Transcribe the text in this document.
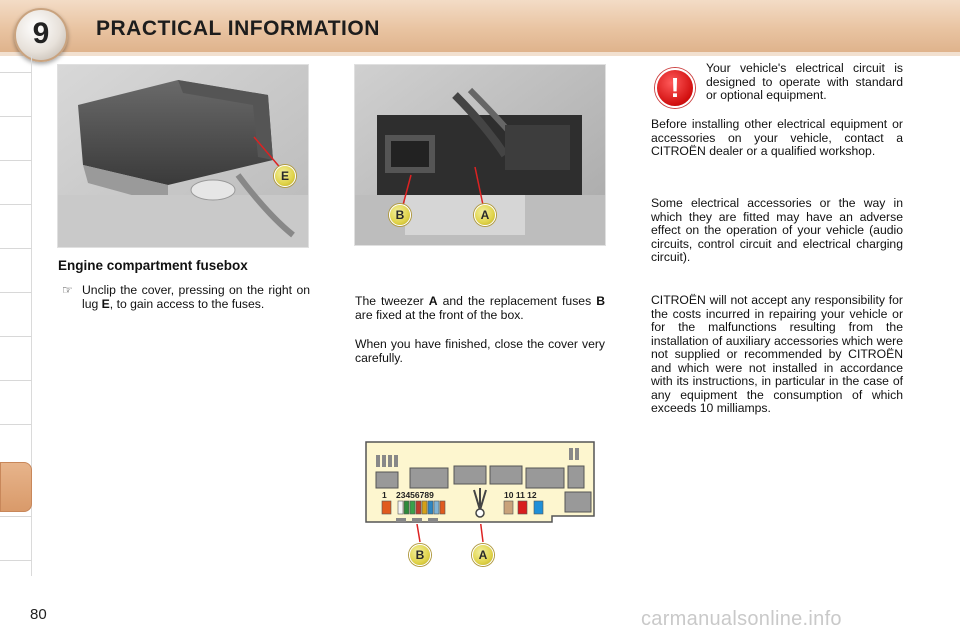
9	PRACTICAL INFORMATION
E
B	A
Engine compartment fusebox
☞ Unclip the cover, pressing on the right on lug E, to gain access to the fuses.	The tweezer A and the replacement fuses B are fixed at the front of the box.
When you have finished, close the cover very carefully.
!
Your vehicle's electrical circuit is designed to operate with standard or optional equipment.
Before installing other electrical equipment or accessories on your vehicle, contact a CITROËN dealer or a qualified workshop.
Some electrical accessories or the way in which they are fitted may have an adverse effect on the operation of your vehicle (audio circuits, control circuit and electrical charging circuit).
CITROËN will not accept any responsibility for the costs incurred in repairing your vehicle or for the malfunctions resulting from the installation of auxiliary accessories which were not supplied or recommended by CITROËN and which were not installed in accordance with its instructions, in particular in the case of any equipment the consumption of which exceeds 10 milliamps.
1 23456789	10 11 12
B	A
80	carmanualsonline.info
